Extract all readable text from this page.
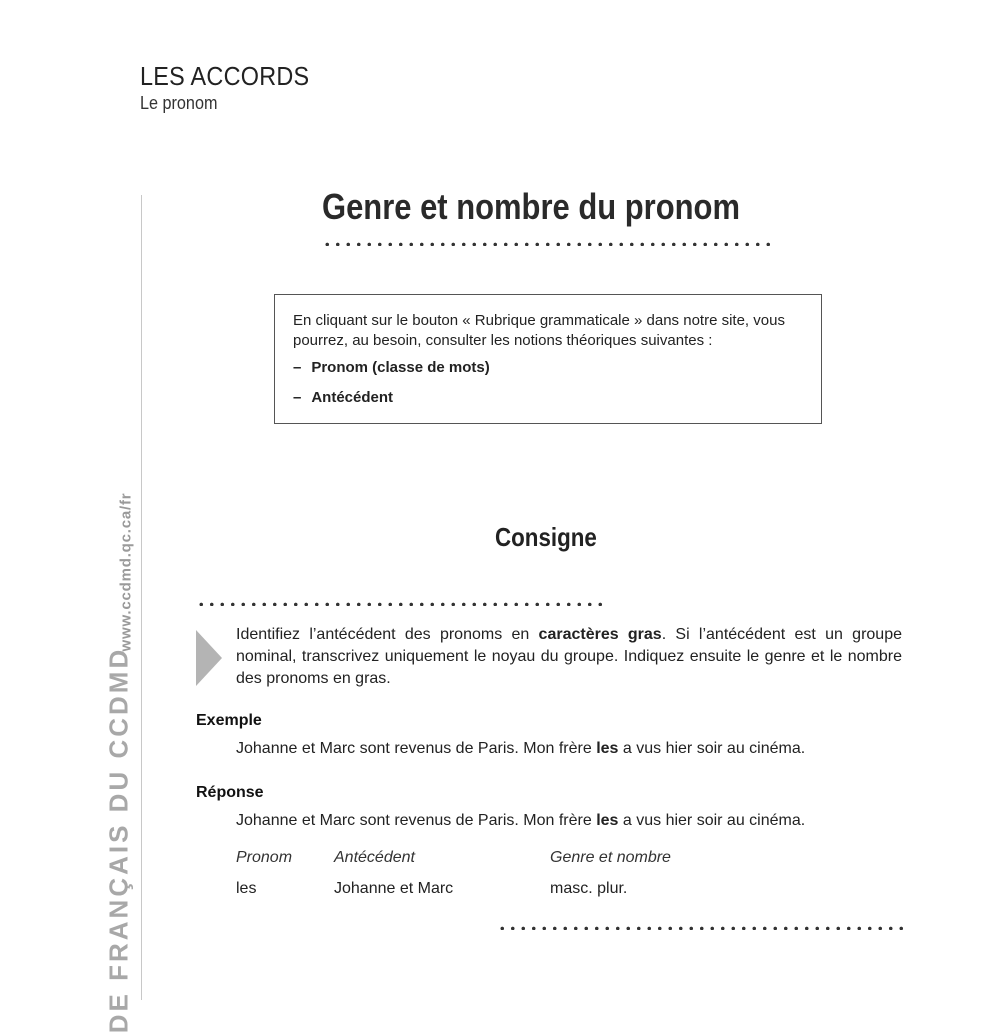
LES ACCORDS
Le pronom
www.ccdmd.qc.ca/fr
DE FRANÇAIS DU CCDMD
Genre et nombre du pronom

En cliquant sur le bouton « Rubrique grammaticale » dans notre site, vous pourrez, au besoin, consulter les notions théoriques suivantes :

– Pronom (classe de mots)

– Antécédent

Consigne
Identifiez l’antécédent des pronoms en caractères gras. Si l’antécédent est un groupe nominal, transcrivez uniquement le noyau du groupe. Indiquez ensuite le genre et le nombre des pronoms en gras.
Exemple
Johanne et Marc sont revenus de Paris. Mon frère les a vus hier soir au cinéma.
Réponse
Johanne et Marc sont revenus de Paris. Mon frère les a vus hier soir au cinéma.
Pronom	Antécédent	Genre et nombre
les	Johanne et Marc	masc. plur.
